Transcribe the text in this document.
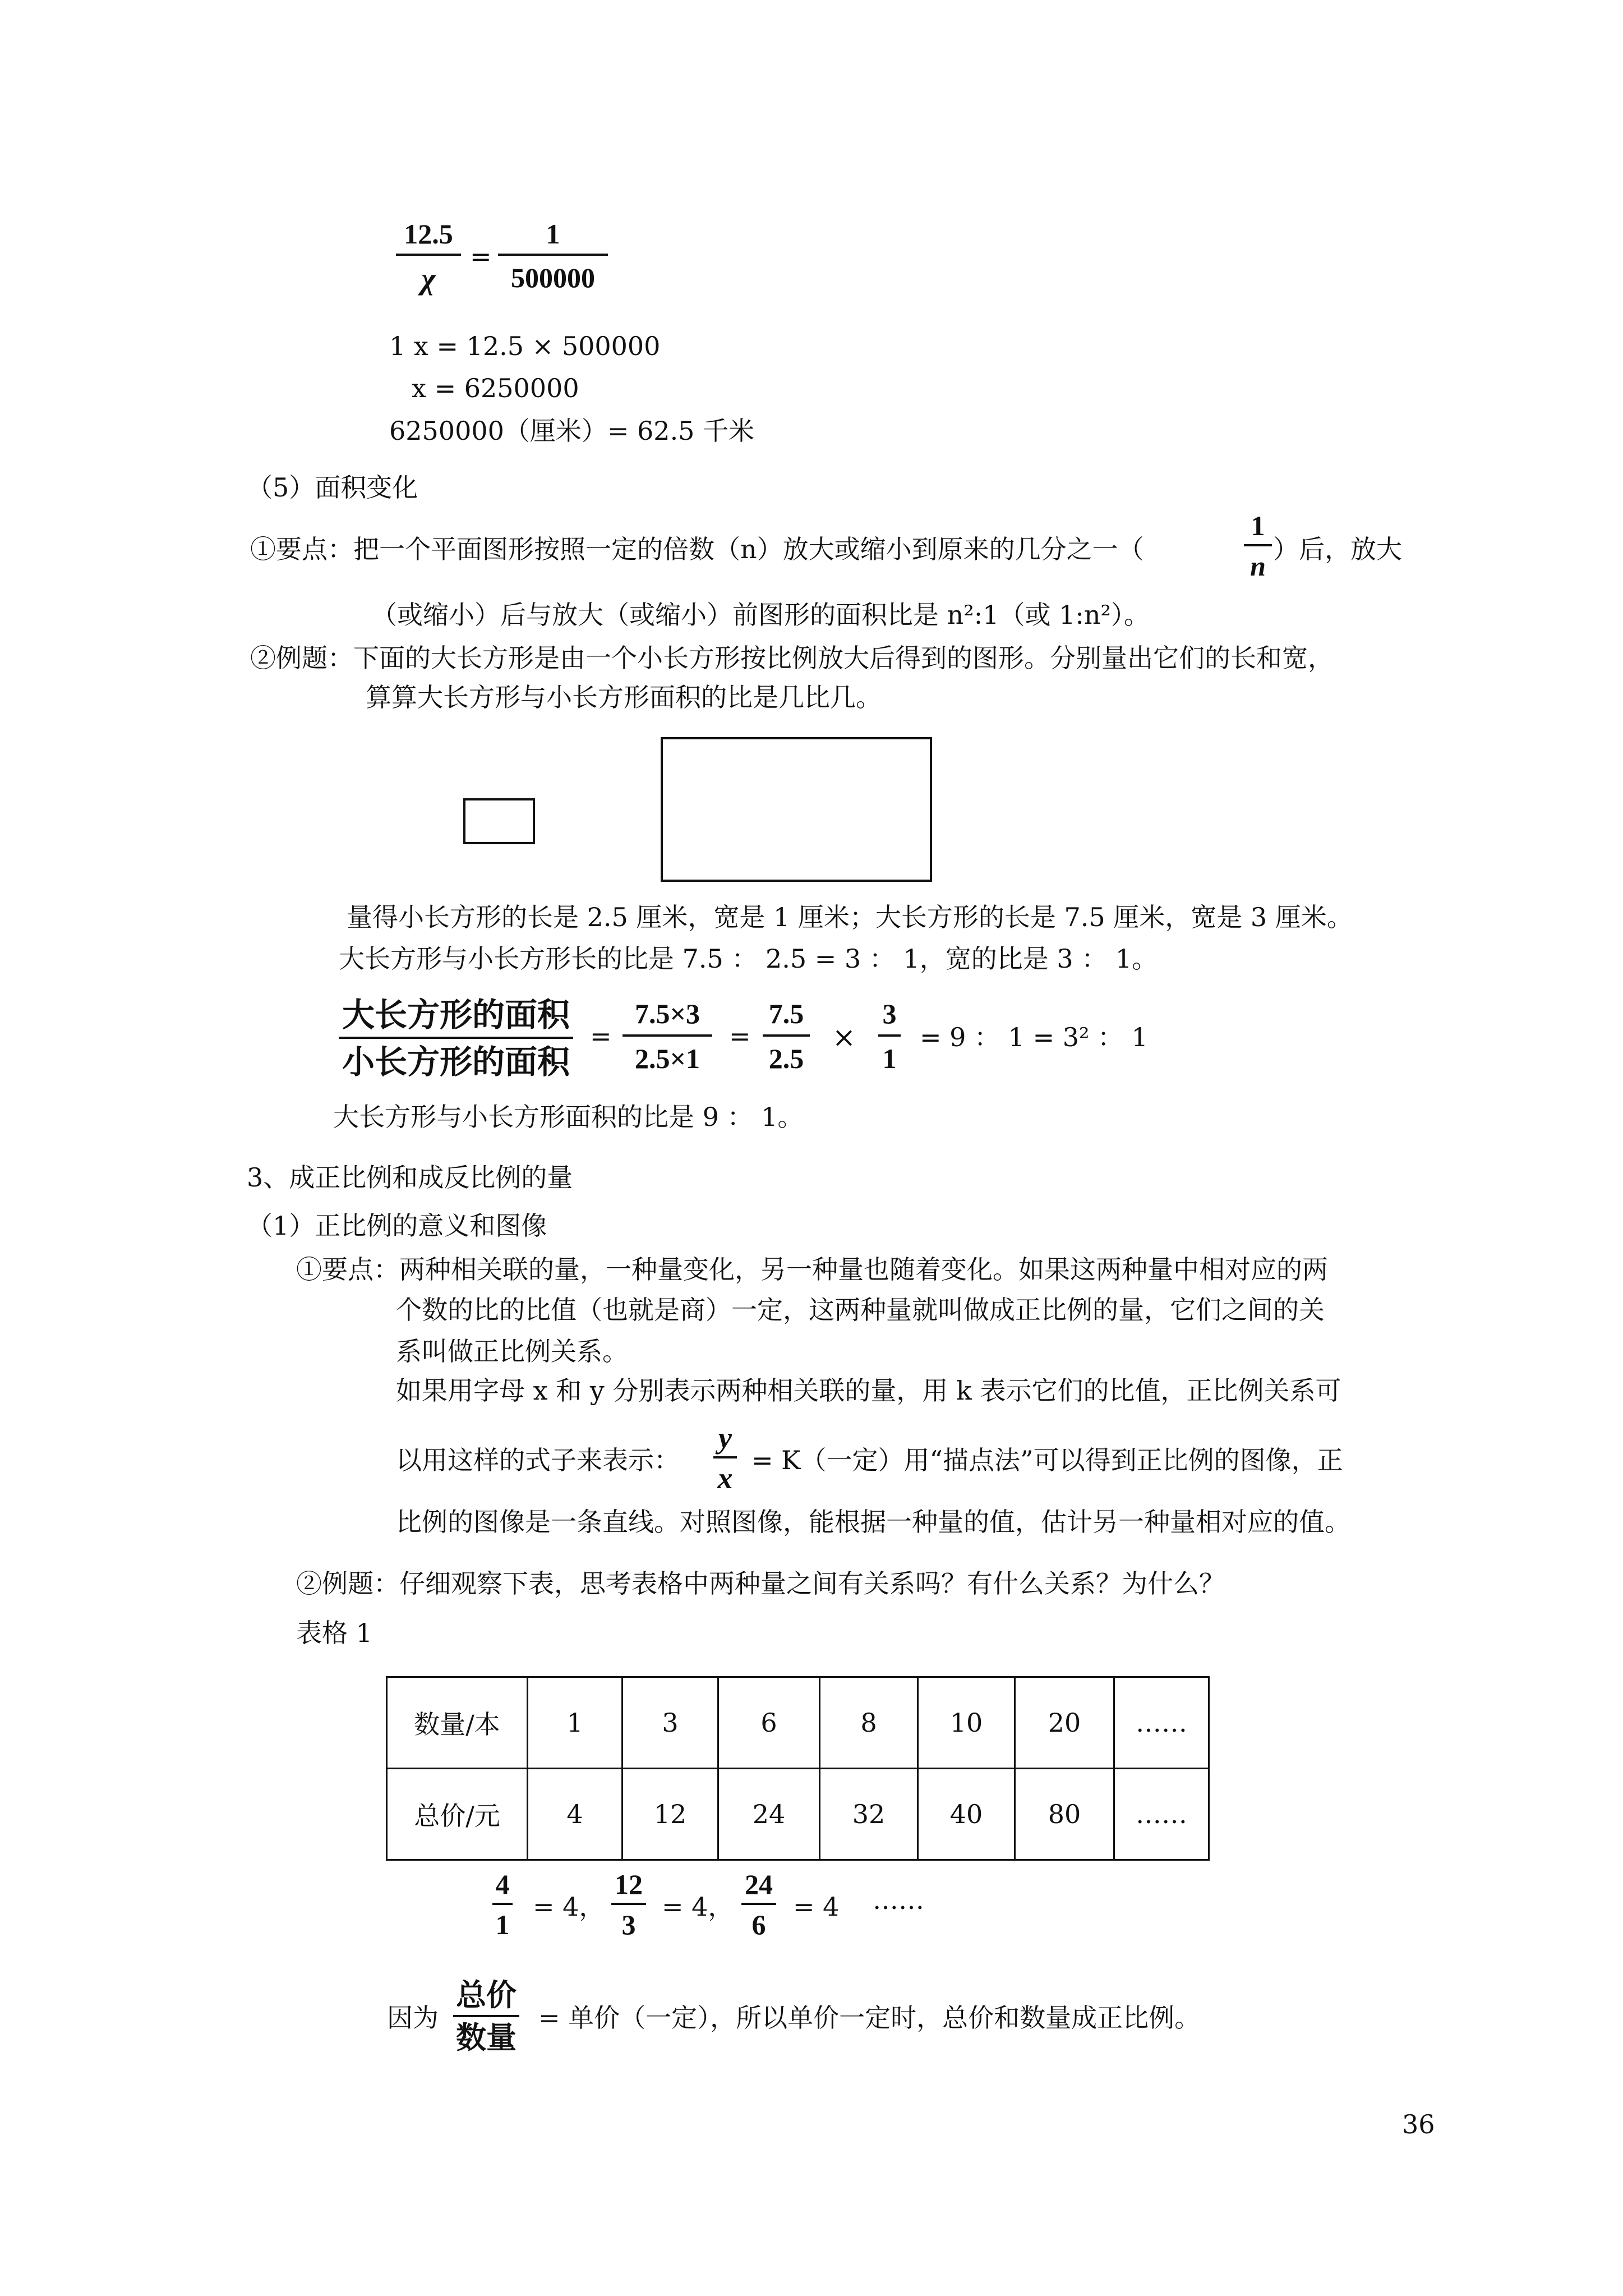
12.5
χ
=
1
500000
1 x = 12.5 × 500000
x = 6250000
6250000（厘米）= 62.5 千米
（5）面积变化
①要点：把一个平面图形按照一定的倍数（n）放大或缩小到原来的几分之一（
1
n
）后，放大
（或缩小）后与放大（或缩小）前图形的面积比是 n²:1（或 1:n²）。
②例题：下面的大长方形是由一个小长方形按比例放大后得到的图形。分别量出它们的长和宽，
算算大长方形与小长方形面积的比是几比几。
量得小长方形的长是 2.5 厘米，宽是 1 厘米；大长方形的长是 7.5 厘米，宽是 3 厘米。
大长方形与小长方形长的比是 7.5 ： 2.5 = 3 ： 1，宽的比是 3 ： 1。
大长方形的面积
小长方形的面积
=
7.5×3
2.5×1
=
7.5
2.5
×
3
1
= 9 ： 1 = 3² ： 1
大长方形与小长方形面积的比是 9 ： 1。
3、成正比例和成反比例的量
（1）正比例的意义和图像
①要点：两种相关联的量，一种量变化，另一种量也随着变化。如果这两种量中相对应的两
个数的比的比值（也就是商）一定，这两种量就叫做成正比例的量，它们之间的关
系叫做正比例关系。
如果用字母 x 和 y 分别表示两种相关联的量，用 k 表示它们的比值，正比例关系可
以用这样的式子来表示：
y
x
= K（一定）用“描点法”可以得到正比例的图像，正
比例的图像是一条直线。对照图像，能根据一种量的值，估计另一种量相对应的值。
②例题：仔细观察下表，思考表格中两种量之间有关系吗？有什么关系？为什么？
表格 1
数量/本	1	3	6	8	10	20	……
总价/元	4	12	24	32	40	80	……
4
1
= 4，
12
3
= 4，
24
6
= 4 ……
因为
总价
数量
= 单价（一定），所以单价一定时，总价和数量成正比例。
36
